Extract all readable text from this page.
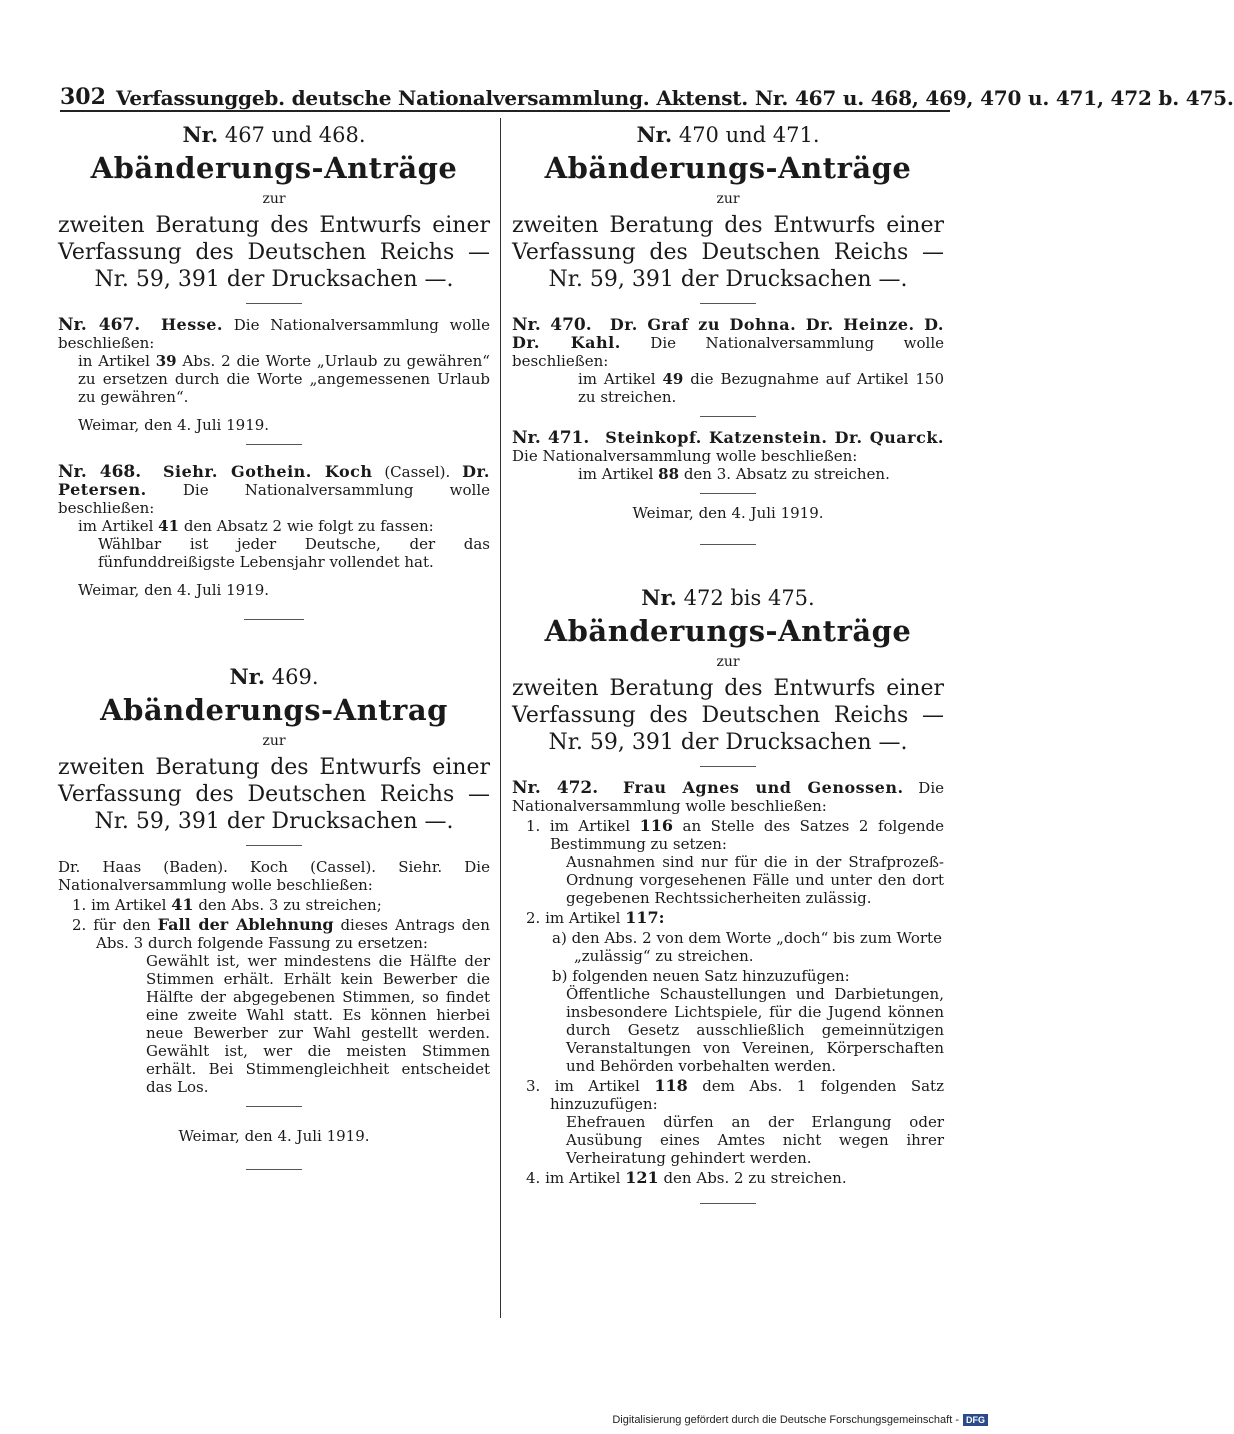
302 Verfassunggeb. deutsche Nationalversammlung. Aktenst. Nr. 467 u. 468, 469, 470 u. 471, 472 b. 475.
Nr. 467 und 468.
Abänderungs-Anträge
zur
zweiten Beratung des Entwurfs einer Verfassung des Deutschen Reichs — Nr. 59, 391 der Drucksachen —.
Nr. 467. Hesse. Die Nationalversammlung wolle beschließen:
in Artikel 39 Abs. 2 die Worte „Urlaub zu gewähren“ zu ersetzen durch die Worte „angemessenen Urlaub zu gewähren“.
Weimar, den 4. Juli 1919.
Nr. 468. Siehr. Gothein. Koch (Cassel). Dr. Petersen. Die Nationalversammlung wolle beschließen:
im Artikel 41 den Absatz 2 wie folgt zu fassen:
Wählbar ist jeder Deutsche, der das fünfunddreißigste Lebensjahr vollendet hat.
Weimar, den 4. Juli 1919.
Nr. 469.
Abänderungs-Antrag
zur
zweiten Beratung des Entwurfs einer Verfassung des Deutschen Reichs — Nr. 59, 391 der Drucksachen —.
Dr. Haas (Baden). Koch (Cassel). Siehr. Die Nationalversammlung wolle beschließen:
1. im Artikel 41 den Abs. 3 zu streichen;
2. für den Fall der Ablehnung dieses Antrags den Abs. 3 durch folgende Fassung zu ersetzen:
Gewählt ist, wer mindestens die Hälfte der Stimmen erhält. Erhält kein Bewerber die Hälfte der abgegebenen Stimmen, so findet eine zweite Wahl statt. Es können hierbei neue Bewerber zur Wahl gestellt werden. Gewählt ist, wer die meisten Stimmen erhält. Bei Stimmengleichheit entscheidet das Los.
Weimar, den 4. Juli 1919.
Nr. 470 und 471.
Abänderungs-Anträge
zur
zweiten Beratung des Entwurfs einer Verfassung des Deutschen Reichs — Nr. 59, 391 der Drucksachen —.
Nr. 470. Dr. Graf zu Dohna. Dr. Heinze. D. Dr. Kahl. Die Nationalversammlung wolle beschließen:
im Artikel 49 die Bezugnahme auf Artikel 150 zu streichen.
Nr. 471. Steinkopf. Katzenstein. Dr. Quarck. Die Nationalversammlung wolle beschließen:
im Artikel 88 den 3. Absatz zu streichen.
Weimar, den 4. Juli 1919.
Nr. 472 bis 475.
Abänderungs-Anträge
zur
zweiten Beratung des Entwurfs einer Verfassung des Deutschen Reichs — Nr. 59, 391 der Drucksachen —.
Nr. 472. Frau Agnes und Genossen. Die Nationalversammlung wolle beschließen:
1. im Artikel 116 an Stelle des Satzes 2 folgende Bestimmung zu setzen:
Ausnahmen sind nur für die in der Strafprozeß-Ordnung vorgesehenen Fälle und unter den dort gegebenen Rechtssicherheiten zulässig.
2. im Artikel 117:
a) den Abs. 2 von dem Worte „doch“ bis zum Worte „zulässig“ zu streichen.
b) folgenden neuen Satz hinzuzufügen:
Öffentliche Schaustellungen und Darbietungen, insbesondere Lichtspiele, für die Jugend können durch Gesetz ausschließlich gemeinnützigen Veranstaltungen von Vereinen, Körperschaften und Behörden vorbehalten werden.
3. im Artikel 118 dem Abs. 1 folgenden Satz hinzuzufügen:
Ehefrauen dürfen an der Erlangung oder Ausübung eines Amtes nicht wegen ihrer Verheiratung gehindert werden.
4. im Artikel 121 den Abs. 2 zu streichen.
Digitalisierung gefördert durch die Deutsche Forschungsgemeinschaft - DFG
